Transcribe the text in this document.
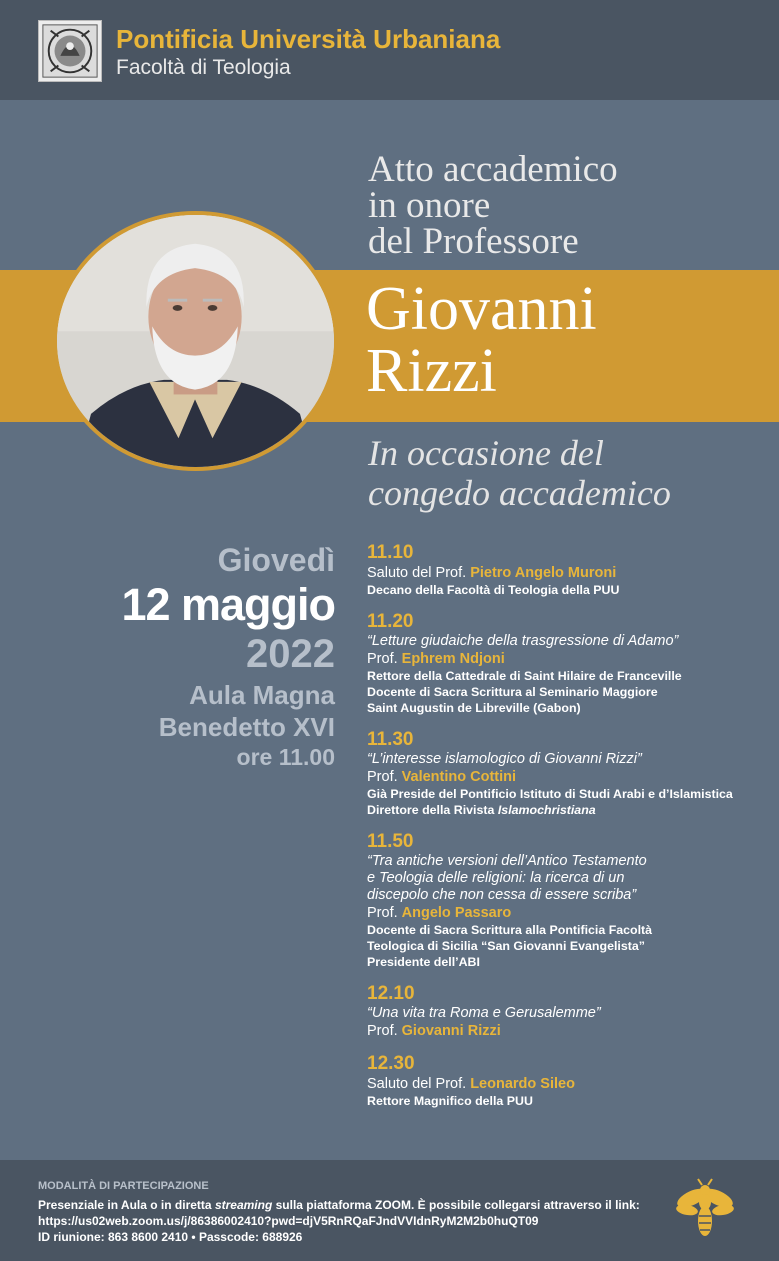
Pontificia Università Urbaniana
Facoltà di Teologia
Atto accademico
in onore
del Professore
Giovanni
Rizzi
In occasione del
congedo accademico
Giovedì
12 maggio
2022
Aula Magna
Benedetto XVI
ore 11.00
11.10
Saluto del Prof. Pietro Angelo Muroni
Decano della Facoltà di Teologia della PUU
11.20
“Letture giudaiche della trasgressione di Adamo”
Prof. Ephrem Ndjoni
Rettore della Cattedrale di Saint Hilaire de Franceville
Docente di Sacra Scrittura al Seminario Maggiore
Saint Augustin de Libreville (Gabon)
11.30
“L’interesse islamologico di Giovanni Rizzi”
Prof. Valentino Cottini
Già Preside del Pontificio Istituto di Studi Arabi e d’Islamistica
Direttore della Rivista Islamochristiana
11.50
“Tra antiche versioni dell’Antico Testamento
e Teologia delle religioni: la ricerca di un
discepolo che non cessa di essere scriba”
Prof. Angelo Passaro
Docente di Sacra Scrittura alla Pontificia Facoltà
Teologica di Sicilia “San Giovanni Evangelista”
Presidente dell’ABI
12.10
“Una vita tra Roma e Gerusalemme”
Prof. Giovanni Rizzi
12.30
Saluto del Prof. Leonardo Sileo
Rettore Magnifico della PUU
MODALITÀ DI PARTECIPAZIONE
Presenziale in Aula o in diretta streaming sulla piattaforma ZOOM. È possibile collegarsi attraverso il link:
https://us02web.zoom.us/j/86386002410?pwd=djV5RnRQaFJndVVIdnRyM2M2b0huQT09
ID riunione: 863 8600 2410 • Passcode: 688926
